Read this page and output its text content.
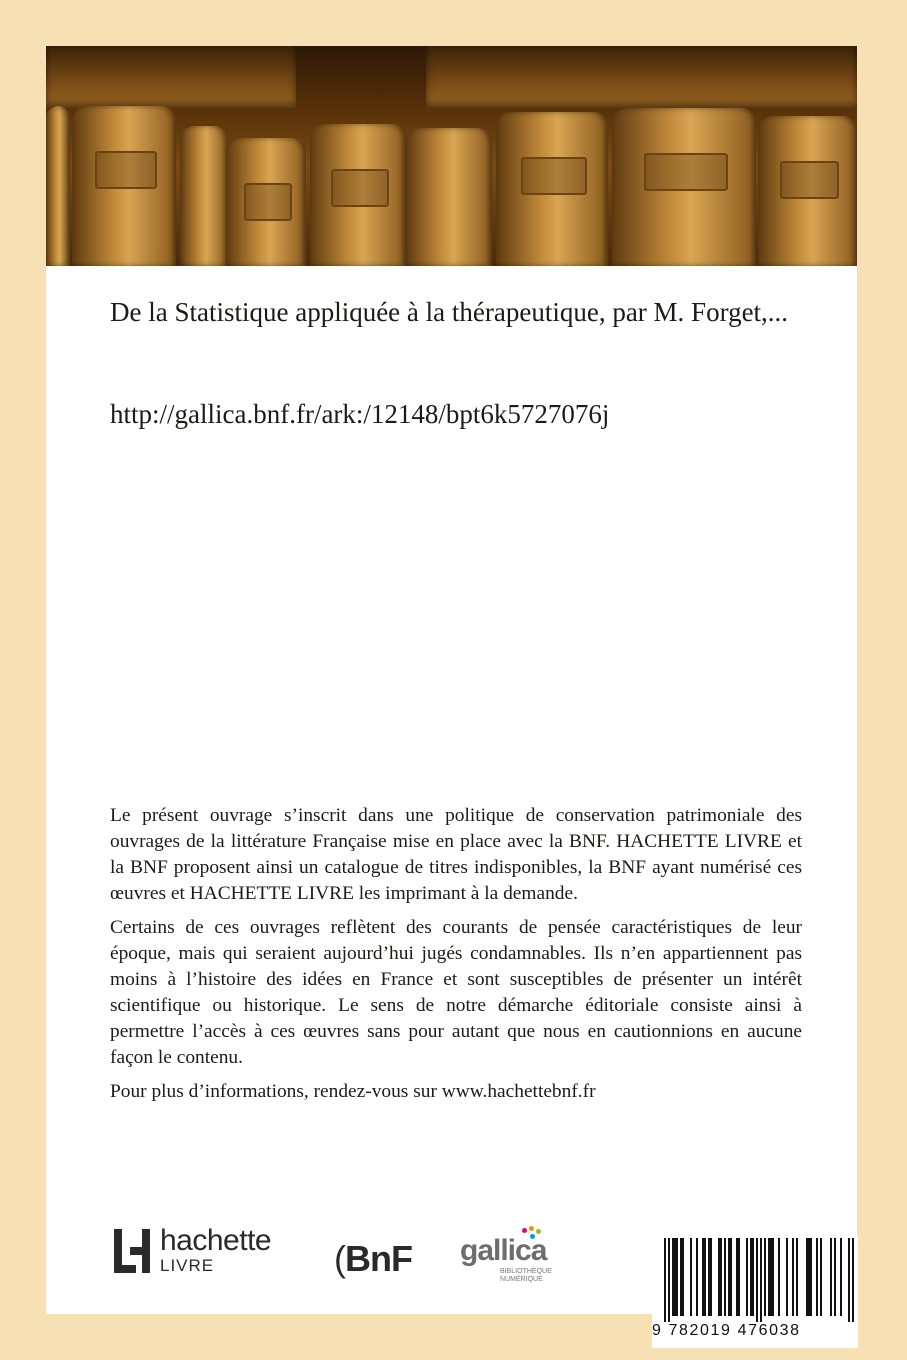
De la Statistique appliquée à la thérapeutique, par M. Forget,...

http://gallica.bnf.fr/ark:/12148/bpt6k5727076j

Le présent ouvrage s’inscrit dans une politique de conservation patrimoniale des ouvrages de la littérature Française mise en place avec la BNF. HACHETTE LIVRE et la BNF proposent ainsi un catalogue de titres indisponibles, la BNF ayant numérisé ces œuvres et HACHETTE LIVRE les imprimant à la demande.

Certains de ces ouvrages reflètent des courants de pensée caractéristiques de leur époque, mais qui seraient aujourd’hui jugés condamnables. Ils n’en appartiennent pas moins à l’histoire des idées en France et sont susceptibles de présenter un intérêt scientifique ou historique. Le sens de notre démarche éditoriale consiste ainsi à permettre l’accès à ces œuvres sans pour autant que nous en cautionnions en aucune façon le contenu.

Pour plus d’informations, rendez-vous sur www.hachettebnf.fr

hachette
LIVRE	(BnF gallica
BIBLIOTHÈQUE
NUMÉRIQUE
9 782019 476038
